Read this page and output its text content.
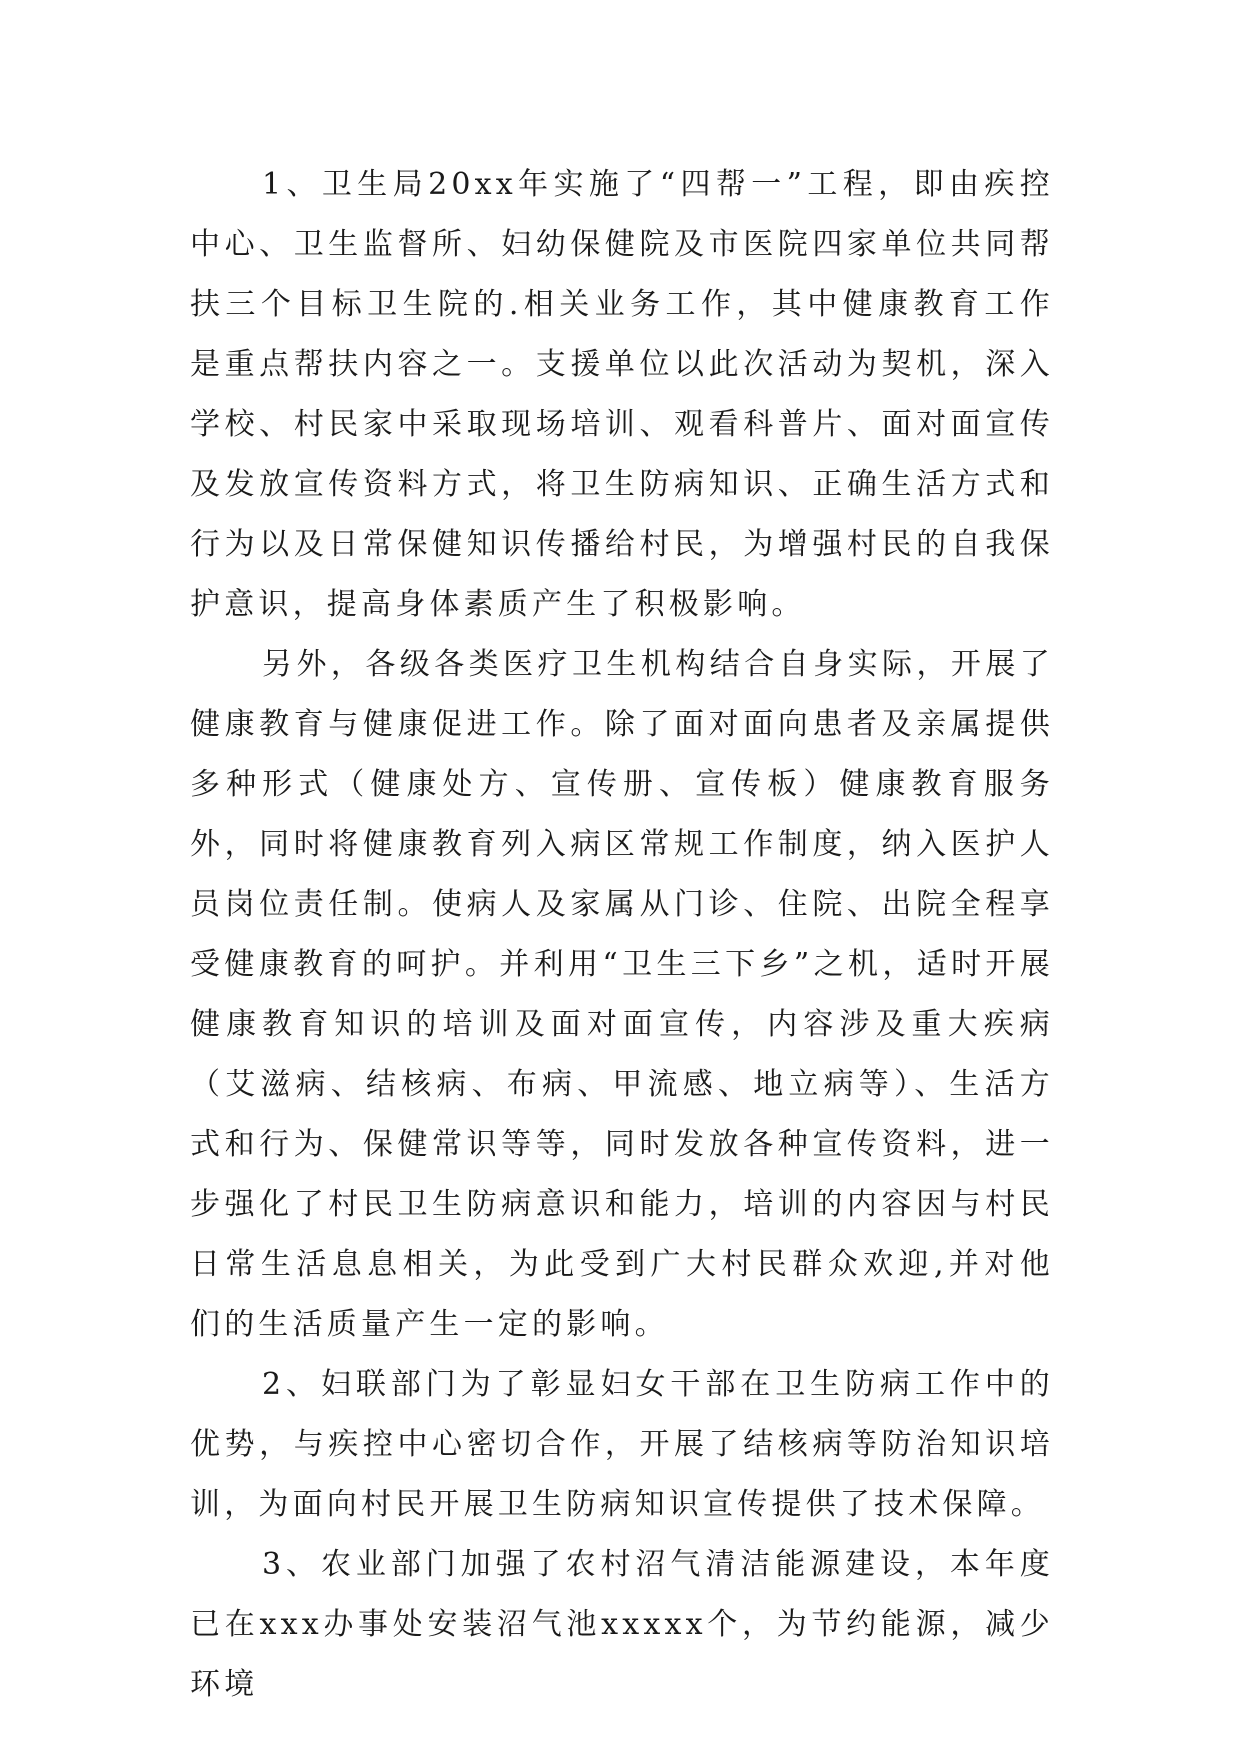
1、卫生局20xx年实施了“四帮一”工程，即由疾控中心、卫生监督所、妇幼保健院及市医院四家单位共同帮扶三个目标卫生院的.相关业务工作，其中健康教育工作是重点帮扶内容之一。支援单位以此次活动为契机，深入学校、村民家中采取现场培训、观看科普片、面对面宣传及发放宣传资料方式，将卫生防病知识、正确生活方式和行为以及日常保健知识传播给村民，为增强村民的自我保护意识，提高身体素质产生了积极影响。

另外，各级各类医疗卫生机构结合自身实际，开展了健康教育与健康促进工作。除了面对面向患者及亲属提供多种形式（健康处方、宣传册、宣传板）健康教育服务外，同时将健康教育列入病区常规工作制度，纳入医护人员岗位责任制。使病人及家属从门诊、住院、出院全程享受健康教育的呵护。并利用“卫生三下乡”之机，适时开展健康教育知识的培训及面对面宣传，内容涉及重大疾病（艾滋病、结核病、布病、甲流感、地立病等）、生活方式和行为、保健常识等等，同时发放各种宣传资料，进一步强化了村民卫生防病意识和能力，培训的内容因与村民日常生活息息相关，为此受到广大村民群众欢迎,并对他们的生活质量产生一定的影响。

2、妇联部门为了彰显妇女干部在卫生防病工作中的优势，与疾控中心密切合作，开展了结核病等防治知识培训，为面向村民开展卫生防病知识宣传提供了技术保障。

3、农业部门加强了农村沼气清洁能源建设，本年度已在xxx办事处安装沼气池xxxxx个，为节约能源，减少环境
